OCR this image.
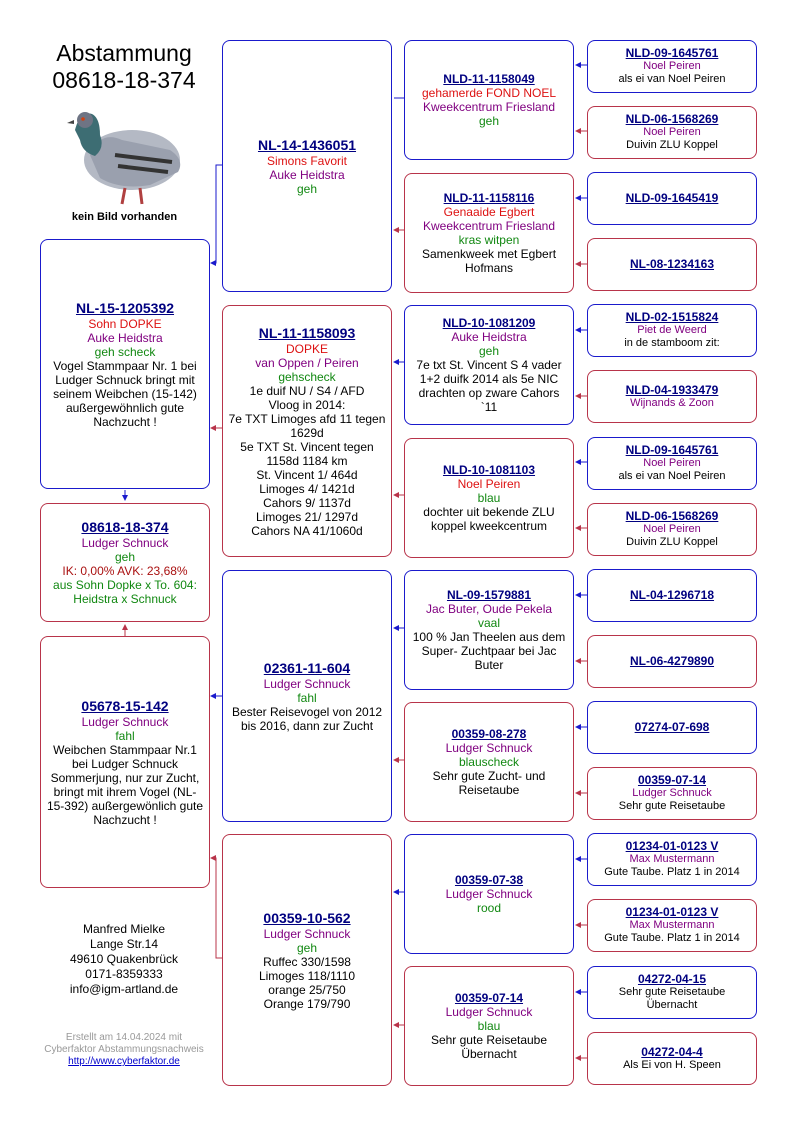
Abstammung
08618-18-374
kein Bild vorhanden
NL-15-1205392
Sohn DOPKE
Auke Heidstra
geh scheck
Vogel Stammpaar Nr. 1 bei Ludger Schnuck bringt mit seinem Weibchen (15-142) außergewöhnlich gute Nachzucht !
08618-18-374
Ludger Schnuck
geh
IK: 0,00% AVK: 23,68%
aus Sohn Dopke x To. 604: Heidstra x Schnuck
05678-15-142
Ludger Schnuck
fahl
Weibchen Stammpaar Nr.1 bei Ludger Schnuck Sommerjung, nur zur Zucht, bringt mit ihrem Vogel (NL-15-392) außergewönlich gute Nachzucht !
NL-14-1436051
Simons Favorit
Auke Heidstra
geh
NL-11-1158093
DOPKE
van Oppen / Peiren
gehscheck
1e duif NU / S4 / AFD
Vloog in 2014:
7e TXT Limoges afd 11 tegen 1629d
5e TXT St. Vincent tegen 1158d 1184 km
St. Vincent 1/ 464d
Limoges 4/ 1421d
Cahors 9/ 1137d
Limoges 21/ 1297d
Cahors NA 41/1060d
02361-11-604
Ludger Schnuck
fahl
Bester Reisevogel von 2012 bis 2016, dann zur Zucht
00359-10-562
Ludger Schnuck
geh
Ruffec 330/1598
Limoges 118/1110
orange 25/750
Orange 179/790
NLD-11-1158049
gehamerde FOND NOEL
Kweekcentrum Friesland
geh
NLD-11-1158116
Genaaide Egbert
Kweekcentrum Friesland
kras witpen
Samenkweek met Egbert Hofmans
NLD-10-1081209
Auke Heidstra
geh
7e txt St. Vincent S 4 vader 1+2 duifk 2014 als 5e NIC drachten op zware Cahors `11
NLD-10-1081103
Noel Peiren
blau
dochter uit bekende ZLU koppel kweekcentrum
NL-09-1579881
Jac Buter, Oude Pekela
vaal
100 % Jan Theelen aus dem Super- Zuchtpaar bei Jac Buter
00359-08-278
Ludger Schnuck
blauscheck
Sehr gute Zucht- und Reisetaube
00359-07-38
Ludger Schnuck
rood
00359-07-14
Ludger Schnuck
blau
Sehr gute Reisetaube Übernacht
NLD-09-1645761
Noel Peiren
als ei van Noel Peiren
NLD-06-1568269
Noel Peiren
Duivin ZLU Koppel
NLD-09-1645419
NL-08-1234163
NLD-02-1515824
Piet de Weerd
in de stamboom zit:
NLD-04-1933479
Wijnands & Zoon
NLD-09-1645761
Noel Peiren
als ei van Noel Peiren
NLD-06-1568269
Noel Peiren
Duivin ZLU Koppel
NL-04-1296718
NL-06-4279890
07274-07-698
00359-07-14
Ludger Schnuck
Sehr gute Reisetaube
01234-01-0123 V
Max Mustermann
Gute Taube. Platz 1 in 2014
01234-01-0123 V
Max Mustermann
Gute Taube. Platz 1 in 2014
04272-04-15
Sehr gute Reisetaube Übernacht
04272-04-4
Als Ei von H. Speen
Manfred Mielke
Lange Str.14
49610 Quakenbrück
0171-8359333
info@igm-artland.de
Erstellt am 14.04.2024 mit Cyberfaktor Abstammungsnachweis
http://www.cyberfaktor.de
